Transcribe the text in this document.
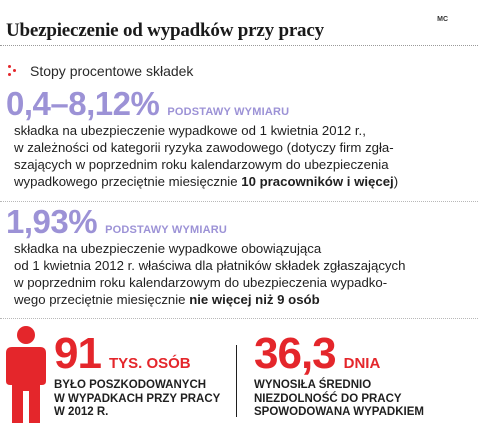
Ubezpieczenie od wypadków przy pracy
MC
Stopy procentowe składek
0,4–8,12% PODSTAWY WYMIARU
składka na ubezpieczenie wypadkowe od 1 kwietnia 2012 r.,
w zależności od kategorii ryzyka zawodowego (dotyczy firm zgła-
szających w poprzednim roku kalendarzowym do ubezpieczenia
wypadkowego przeciętnie miesięcznie 10 pracowników i więcej)
1,93% PODSTAWY WYMIARU
składka na ubezpieczenie wypadkowe obowiązująca
od 1 kwietnia 2012 r. właściwa dla płatników składek zgłaszających
w poprzednim roku kalendarzowym do ubezpieczenia wypadko-
wego przeciętnie miesięcznie nie więcej niż 9 osób
91 TYS. OSÓB
BYŁO POSZKODOWANYCH
W WYPADKACH PRZY PRACY
W 2012 R.
36,3 DNIA
WYNOSIŁA ŚREDNIO
NIEZDOLNOŚĆ DO PRACY
SPOWODOWANA WYPADKIEM
